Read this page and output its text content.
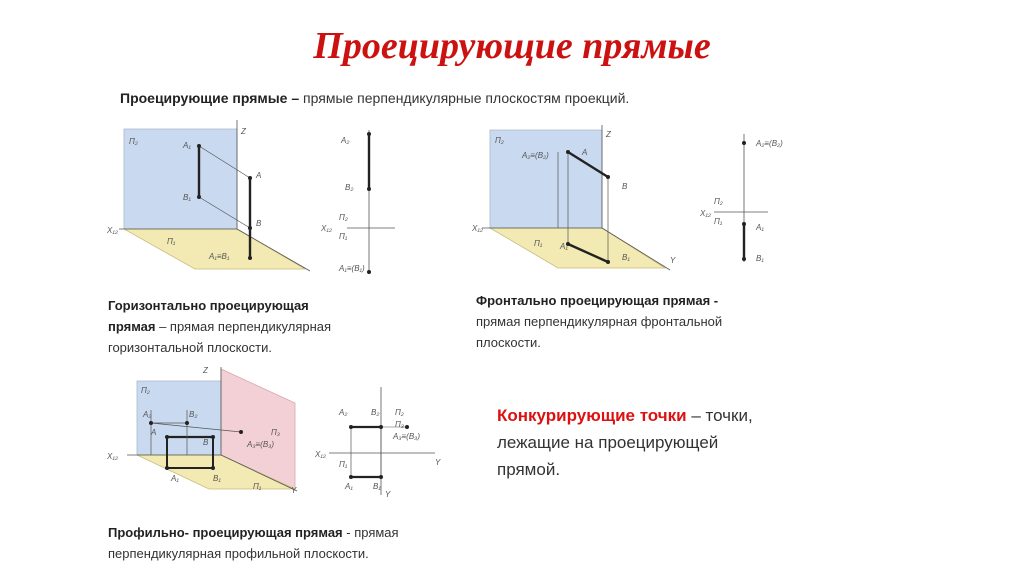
Проецирующие прямые
Проецирующие прямые – прямые перпендикулярные плоскостям проекций.
П₂
П₁
X₁₂
Z
A₁
B₁
A
B
A₁≡B₁
A₂
B₂
X₁₂
П₂
П₁
A₁≡(B₁)
Горизонтально проецирующая
прямая – прямая перпендикулярная
горизонтальной плоскости.
П₂
X₁₂
Z
Y
П₁
A₂≡(B₂)	A
B
A₁
B₁
A₂≡(B₂)
П₂
X₁₂
П₁
A₁
B₁
Фронтально проецирующая прямая -
прямая перпендикулярная фронтальной
плоскости.
П₂
П₃
П₁
X₁₂
Z
Y
A₂	B₂
A
B
A₁	B₁
A₃≡(B₃)
A₂	B₂ П₂
П₃
A₃≡(B₃)
X₁₂
П₁	Y
A₁	B₁
Y
Конкурирующие точки – точки,
лежащие на проецирующей
прямой.
Профильно- проецирующая прямая - прямая
перпендикулярная профильной плоскости.
